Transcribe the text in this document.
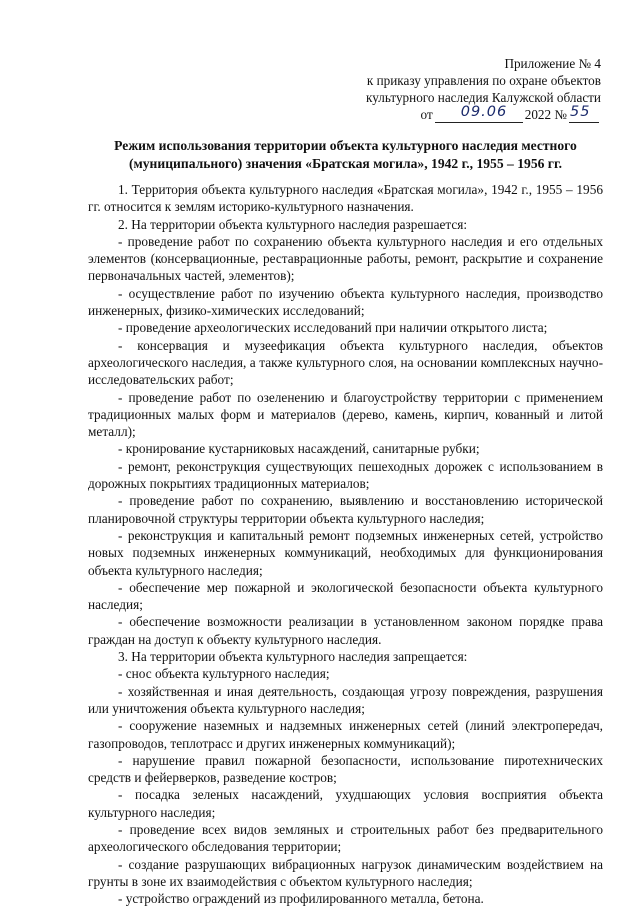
Приложение № 4
к приказу управления по охране объектов
культурного наследия Калужской области
от 09.06 2022 № 55
Режим использования территории объекта культурного наследия местного
(муниципального) значения «Братская могила», 1942 г., 1955 – 1956 гг.

1. Территория объекта культурного наследия «Братская могила», 1942 г., 1955 – 1956 гг. относится к землям историко-культурного назначения.

2. На территории объекта культурного наследия разрешается:

- проведение работ по сохранению объекта культурного наследия и его отдельных элементов (консервационные, реставрационные работы, ремонт, раскрытие и сохранение первоначальных частей, элементов);

- осуществление работ по изучению объекта культурного наследия, производство инженерных, физико-химических исследований;

- проведение археологических исследований при наличии открытого листа;

- консервация и музеефикация объекта культурного наследия, объектов археологического наследия, а также культурного слоя, на основании комплексных научно-исследовательских работ;

- проведение работ по озеленению и благоустройству территории с применением традиционных малых форм и материалов (дерево, камень, кирпич, кованный и литой металл);

- кронирование кустарниковых насаждений, санитарные рубки;

- ремонт, реконструкция существующих пешеходных дорожек с использованием в дорожных покрытиях традиционных материалов;

- проведение работ по сохранению, выявлению и восстановлению исторической планировочной структуры территории объекта культурного наследия;

- реконструкция и капитальный ремонт подземных инженерных сетей, устройство новых подземных инженерных коммуникаций, необходимых для функционирования объекта культурного наследия;

- обеспечение мер пожарной и экологической безопасности объекта культурного наследия;

- обеспечение возможности реализации в установленном законом порядке права граждан на доступ к объекту культурного наследия.

3. На территории объекта культурного наследия запрещается:

- снос объекта культурного наследия;

- хозяйственная и иная деятельность, создающая угрозу повреждения, разрушения или уничтожения объекта культурного наследия;

- сооружение наземных и надземных инженерных сетей (линий электропередач, газопроводов, теплотрасс и других инженерных коммуникаций);

- нарушение правил пожарной безопасности, использование пиротехнических средств и фейерверков, разведение костров;

- посадка зеленых насаждений, ухудшающих условия восприятия объекта культурного наследия;

- проведение всех видов земляных и строительных работ без предварительного археологического обследования территории;

- создание разрушающих вибрационных нагрузок динамическим воздействием на грунты в зоне их взаимодействия с объектом культурного наследия;

- устройство ограждений из профилированного металла, бетона.
